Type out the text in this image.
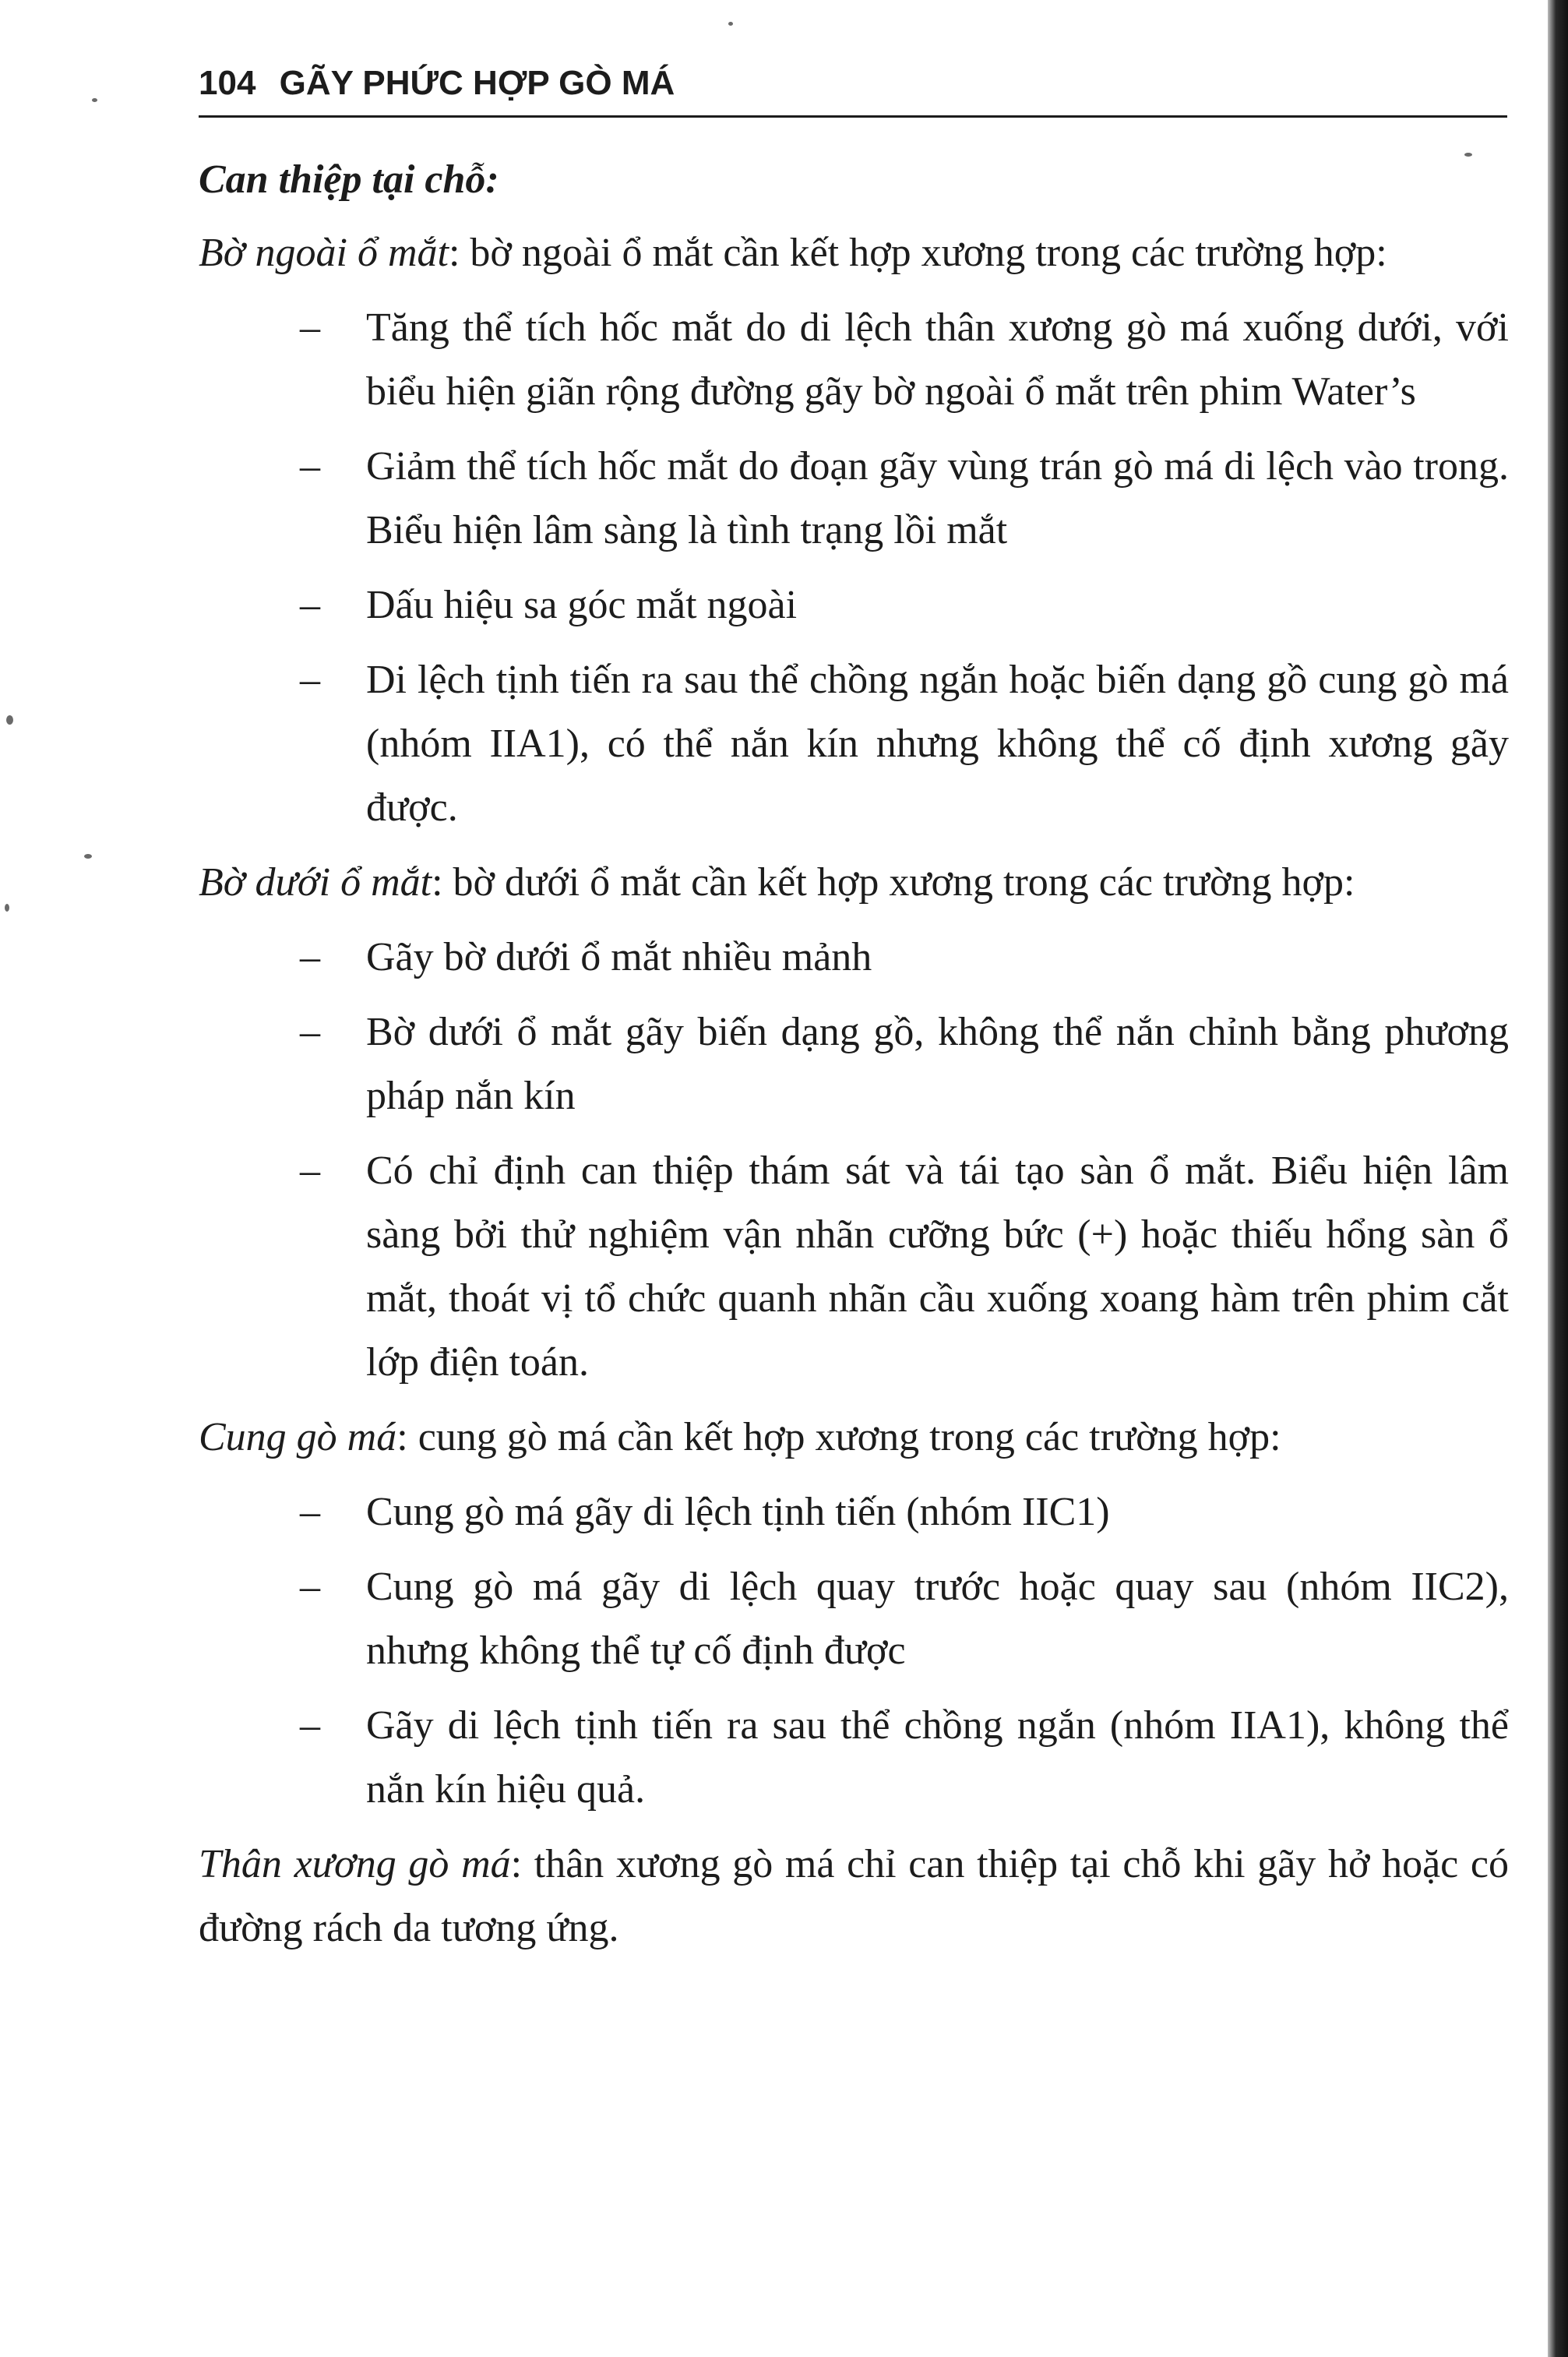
104 GÃY PHỨC HỢP GÒ MÁ
Can thiệp tại chỗ:

Bờ ngoài ổ mắt: bờ ngoài ổ mắt cần kết hợp xương trong các trường hợp:

– Tăng thể tích hốc mắt do di lệch thân xương gò má xuống dưới, với biểu hiện giãn rộng đường gãy bờ ngoài ổ mắt trên phim Water’s
– Giảm thể tích hốc mắt do đoạn gãy vùng trán gò má di lệch vào trong. Biểu hiện lâm sàng là tình trạng lồi mắt
– Dấu hiệu sa góc mắt ngoài
– Di lệch tịnh tiến ra sau thể chồng ngắn hoặc biến dạng gồ cung gò má (nhóm IIA1), có thể nắn kín nhưng không thể cố định xương gãy được.

Bờ dưới ổ mắt: bờ dưới ổ mắt cần kết hợp xương trong các trường hợp:

– Gãy bờ dưới ổ mắt nhiều mảnh
– Bờ dưới ổ mắt gãy biến dạng gồ, không thể nắn chỉnh bằng phương pháp nắn kín
– Có chỉ định can thiệp thám sát và tái tạo sàn ổ mắt. Biểu hiện lâm sàng bởi thử nghiệm vận nhãn cưỡng bức (+) hoặc thiếu hổng sàn ổ mắt, thoát vị tổ chức quanh nhãn cầu xuống xoang hàm trên phim cắt lớp điện toán.

Cung gò má: cung gò má cần kết hợp xương trong các trường hợp:

– Cung gò má gãy di lệch tịnh tiến (nhóm IIC1)
– Cung gò má gãy di lệch quay trước hoặc quay sau (nhóm IIC2), nhưng không thể tự cố định được
– Gãy di lệch tịnh tiến ra sau thể chồng ngắn (nhóm IIA1), không thể nắn kín hiệu quả.

Thân xương gò má: thân xương gò má chỉ can thiệp tại chỗ khi gãy hở hoặc có đường rách da tương ứng.
